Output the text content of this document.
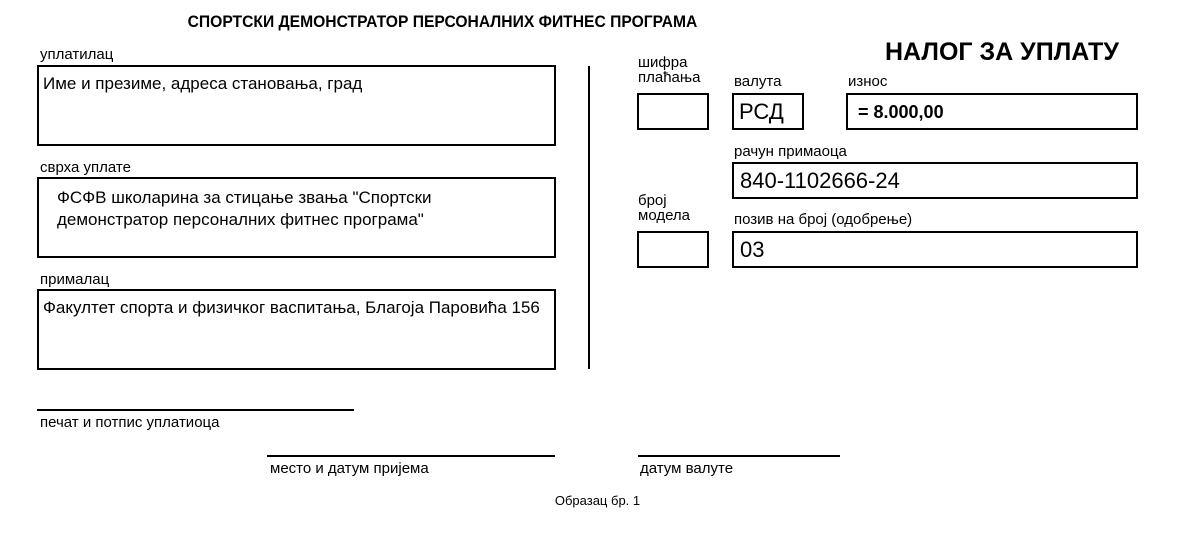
СПОРТСКИ ДЕМОНСТРАТОР ПЕРСОНАЛНИХ ФИТНЕС ПРОГРАМА
НАЛОГ ЗА УПЛАТУ
уплатилац
Име и презиме, адреса становања, град
сврха уплате
ФСФВ школарина за стицање звања "Спортски демонстратор персоналних фитнес програма"
прималац
Факултет спорта и физичког васпитања, Благоја Паровића 156
шифра
плаћања валута
РСД
износ
= 8.000,00
рачун примаоца
840-1102666-24
број
модела	позив на број (одобрење)
03
печат и потпис уплатиоца
место и датум пријема	датум валуте
Образац бр. 1
